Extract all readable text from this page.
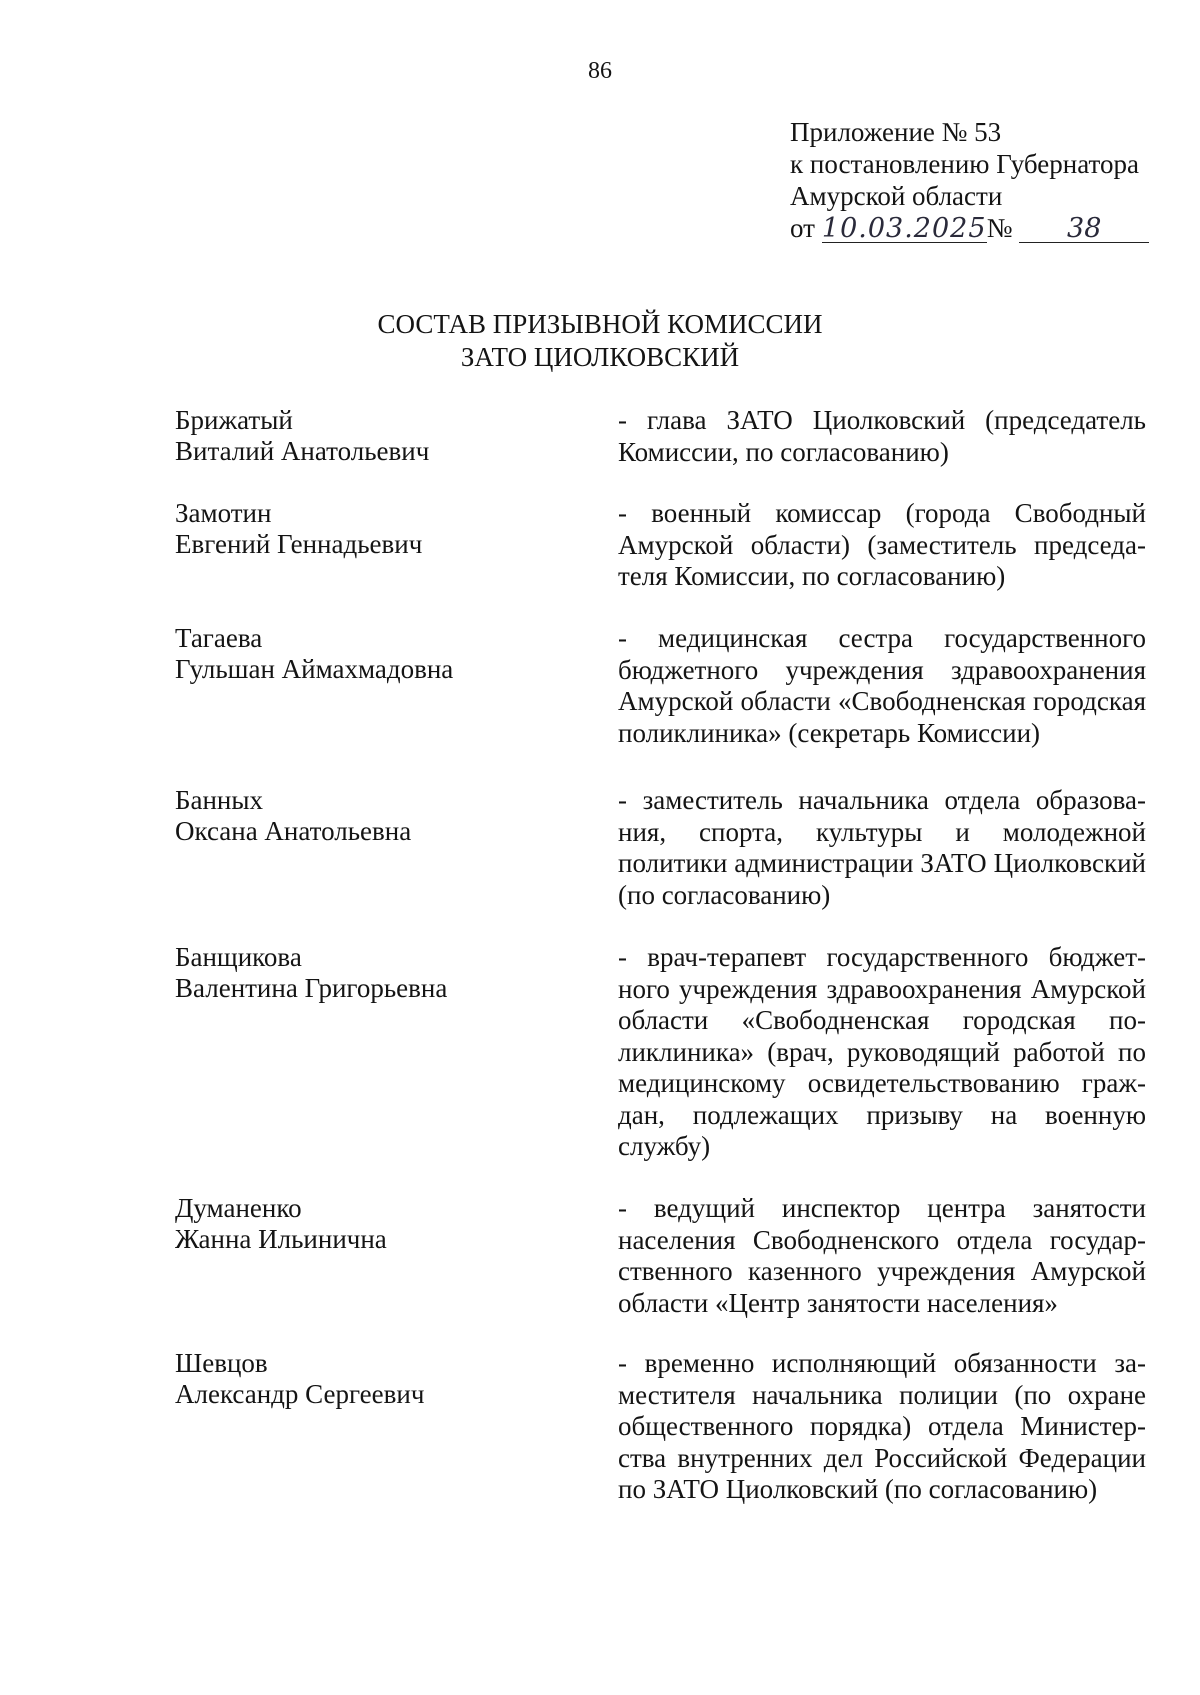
86
Приложение № 53
к постановлению Губернатора
Амурской области
от 10.03.2025№ 38
СОСТАВ ПРИЗЫВНОЙ КОМИССИИ
ЗАТО ЦИОЛКОВСКИЙ
Брижатый
Виталий Анатольевич
- глава ЗАТО Циолковский (председатель Комиссии, по согласованию)
Замотин
Евгений Геннадьевич
- военный комиссар (города Свободный Амурской области) (заместитель председателя Комиссии, по согласованию)
Тагаева
Гульшан Аймахмадовна
- медицинская сестра государственного бюджетного учреждения здравоохранения Амурской области «Свободненская городская поликлиника» (секретарь Комиссии)
Банных
Оксана Анатольевна
- заместитель начальника отдела образования, спорта, культуры и молодежной политики администрации ЗАТО Циолковский (по согласованию)
Банщикова
Валентина Григорьевна
- врач-терапевт государственного бюджетного учреждения здравоохранения Амурской области «Свободненская городская поликлиника» (врач, руководящий работой по медицинскому освидетельствованию граждан, подлежащих призыву на военную службу)
Думаненко
Жанна Ильинична
- ведущий инспектор центра занятости населения Свободненского отдела государственного казенного учреждения Амурской области «Центр занятости населения»
Шевцов
Александр Сергеевич
- временно исполняющий обязанности заместителя начальника полиции (по охране общественного порядка) отдела Министерства внутренних дел Российской Федерации по ЗАТО Циолковский (по согласованию)
